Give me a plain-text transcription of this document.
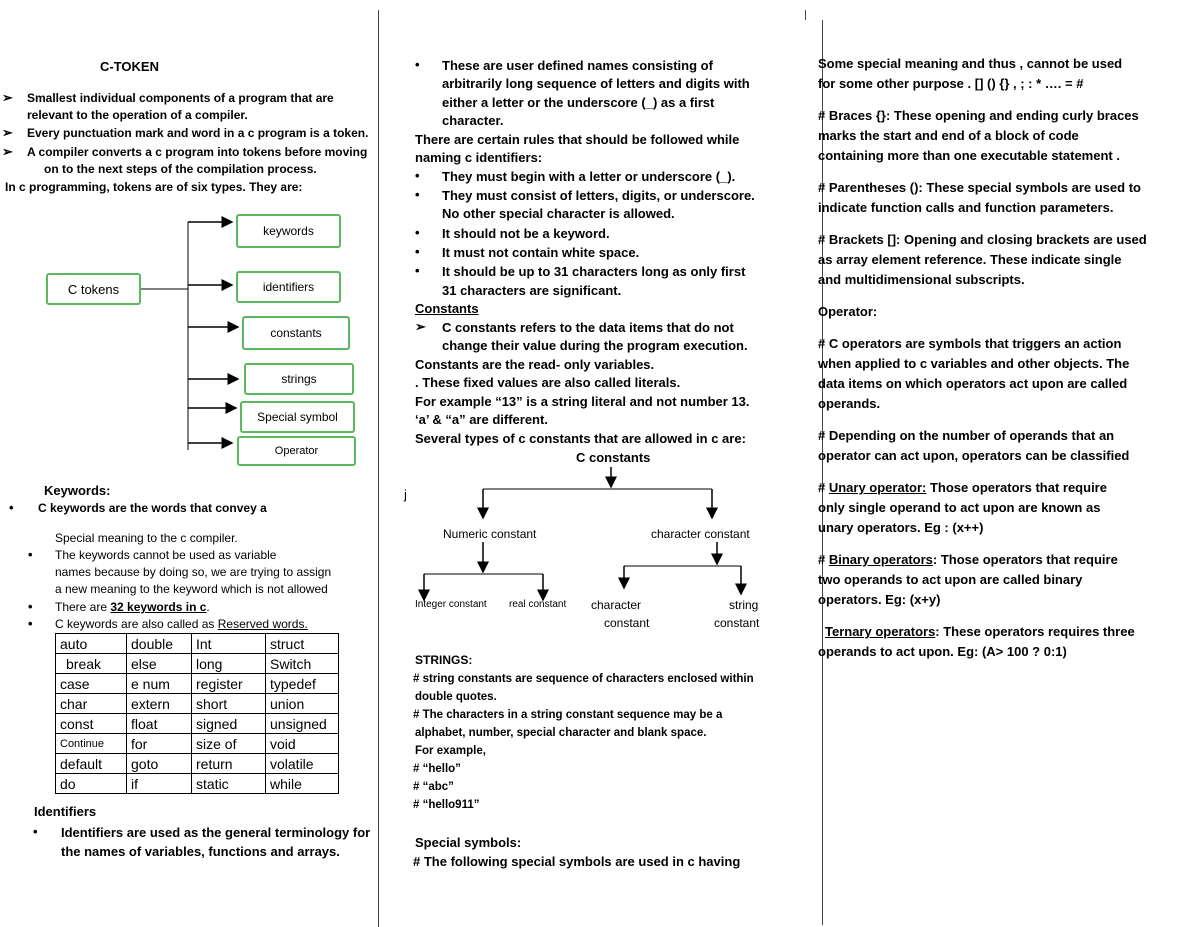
C-TOKEN
➢ Smallest individual components of a program that are
relevant to the operation of a compiler.
➢ Every punctuation mark and word in a c program is a token.
➢ A compiler converts a c program into tokens before moving
on to the next steps of the compilation process.
In c programming, tokens are of six types. They are:
C tokens
keywords
identifiers
constants
strings
Special symbol
Operator
Keywords:
• C keywords are the words that convey a
Special meaning to the c compiler.
• The keywords cannot be used as variable
names because by doing so, we are trying to assign
a new meaning to the keyword which is not allowed
• There are 32 keywords in c.
• C keywords are also called as Reserved words.
auto	double	Int	struct
break	else	long	Switch
case	e num	register	typedef
char	extern	short	union
const	float	signed	unsigned
Continue	for	size of	void
default	goto	return	volatile
do	if	static	while
Identifiers
• Identifiers are used as the general terminology for
the names of variables, functions and arrays.
• These are user defined names consisting of
arbitrarily long sequence of letters and digits with
either a letter or the underscore (_) as a first
character.
There are certain rules that should be followed while
naming c identifiers:
• They must begin with a letter or underscore (_).
• They must consist of letters, digits, or underscore.
No other special character is allowed.
• It should not be a keyword.
• It must not contain white space.
• It should be up to 31 characters long as only first
31 characters are significant.
Constants
➢ C constants refers to the data items that do not
change their value during the program execution.
Constants are the read- only variables.
. These fixed values are also called literals.
For example “13” is a string literal and not number 13.
‘a’ & “a” are different.
Several types of c constants that are allowed in c are:
C constants
j
Numeric constant	character constant
Integer constant real constant character
constant
string
constant
STRINGS:
# string constants are sequence of characters enclosed within
double quotes.
# The characters in a string constant sequence may be a
alphabet, number, special character and blank space.
For example,
# “hello”
# “abc”
# “hello911”
Special symbols:
# The following special symbols are used in c having
Some special meaning and thus , cannot be used
for some other purpose . [] () {} , ; : * …. = #
# Braces {}: These opening and ending curly braces
marks the start and end of a block of code
containing more than one executable statement .
# Parentheses (): These special symbols are used to
indicate function calls and function parameters.
# Brackets []: Opening and closing brackets are used
as array element reference. These indicate single
and multidimensional subscripts.
Operator:
# C operators are symbols that triggers an action
when applied to c variables and other objects. The
data items on which operators act upon are called
operands.
# Depending on the number of operands that an
operator can act upon, operators can be classified
# Unary operator: Those operators that require
only single operand to act upon are known as
unary operators. Eg : (x++)
# Binary operators: Those operators that require
two operands to act upon are called binary
operators. Eg: (x+y)
Ternary operators: These operators requires three
operands to act upon. Eg: (A> 100 ? 0:1)
